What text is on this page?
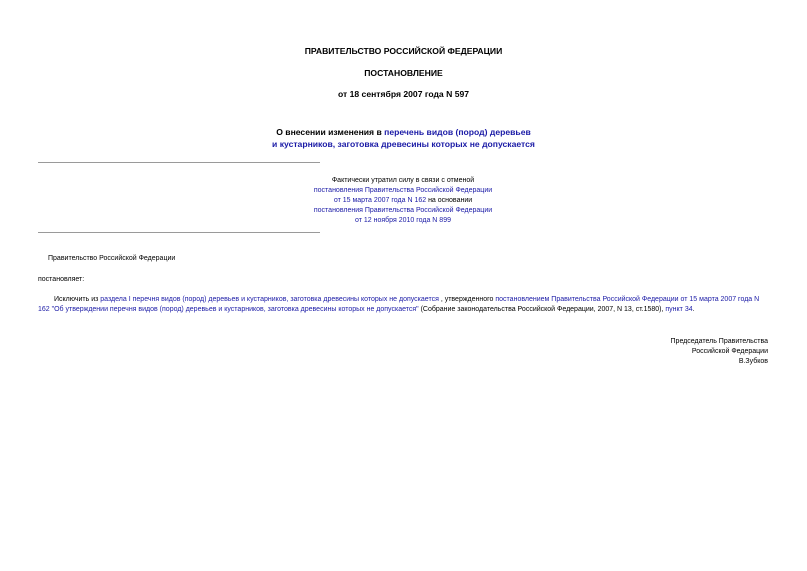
ПРАВИТЕЛЬСТВО РОССИЙСКОЙ ФЕДЕРАЦИИ
ПОСТАНОВЛЕНИЕ
от 18 сентября 2007 года N 597
О внесении изменения в перечень видов (пород) деревьев
и кустарников, заготовка древесины которых не допускается
Фактически утратил силу в связи с отменой
постановления Правительства Российской Федерации
от 15 марта 2007 года N 162 на основании
постановления Правительства Российской Федерации
от 12 ноября 2010 года N 899
Правительство Российской Федерации
постановляет:
Исключить из раздела I перечня видов (пород) деревьев и кустарников, заготовка древесины которых не допускается , утвержденного постановлением Правительства Российской Федерации от 15 марта 2007 года N 162 "Об утверждении перечня видов (пород) деревьев и кустарников, заготовка древесины которых не допускается" (Собрание законодательства Российской Федерации, 2007, N 13, ст.1580), пункт 34.
Председатель Правительства
Российской Федерации
В.Зубков
